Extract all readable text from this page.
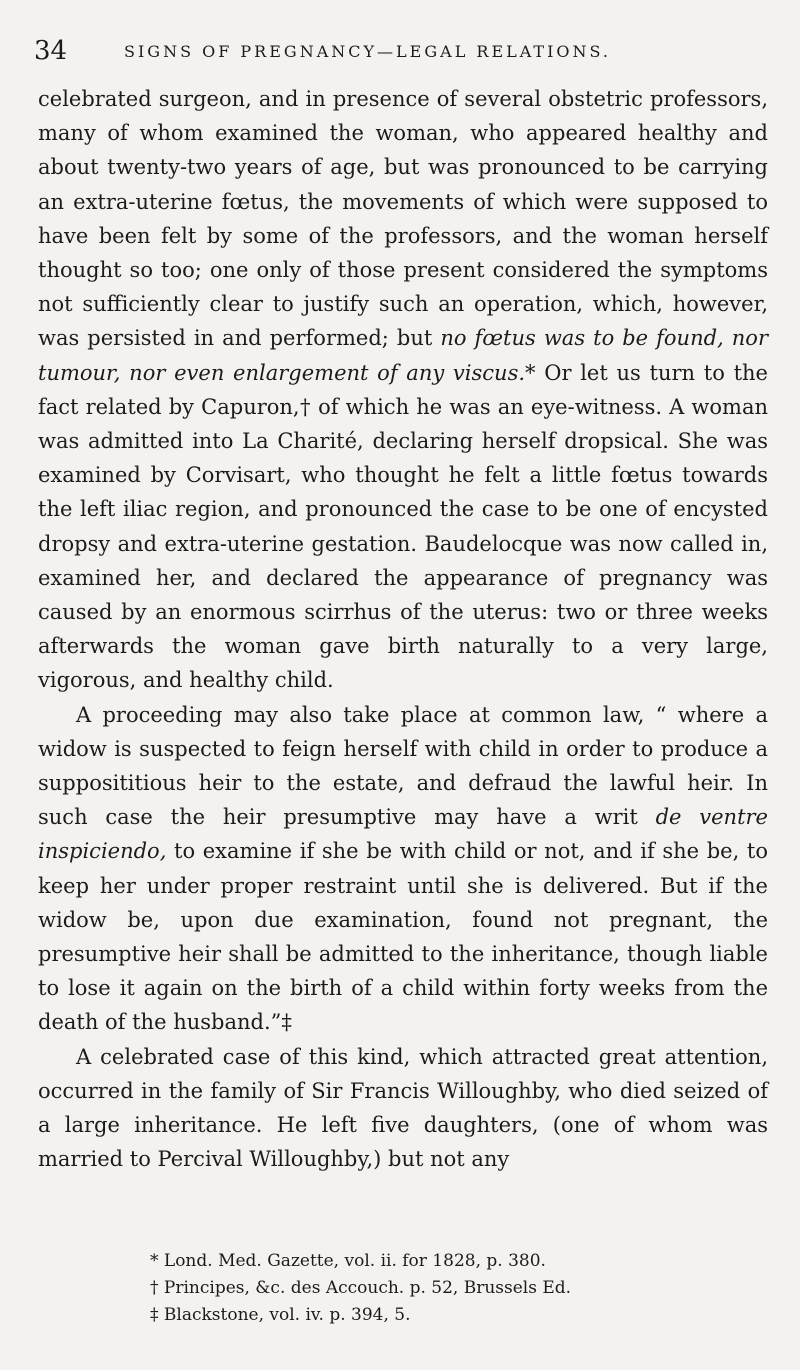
34	SIGNS OF PREGNANCY—LEGAL RELATIONS.

celebrated surgeon, and in presence of several obstetric professors, many of whom examined the woman, who appeared healthy and about twenty-two years of age, but was pronounced to be carrying an extra-uterine fœtus, the movements of which were supposed to have been felt by some of the professors, and the woman herself thought so too; one only of those present considered the symptoms not sufficiently clear to justify such an operation, which, however, was persisted in and performed; but no fœtus was to be found, nor tumour, nor even enlargement of any viscus.* Or let us turn to the fact related by Capuron,† of which he was an eye-witness. A woman was admitted into La Charité, declaring herself dropsical. She was examined by Corvisart, who thought he felt a little fœtus towards the left iliac region, and pronounced the case to be one of encysted dropsy and extra-uterine gestation. Baudelocque was now called in, examined her, and declared the appearance of pregnancy was caused by an enormous scirrhus of the uterus: two or three weeks afterwards the woman gave birth naturally to a very large, vigorous, and healthy child.

A proceeding may also take place at common law, “ where a widow is suspected to feign herself with child in order to produce a supposititious heir to the estate, and defraud the lawful heir. In such case the heir presumptive may have a writ de ventre inspiciendo, to examine if she be with child or not, and if she be, to keep her under proper restraint until she is delivered. But if the widow be, upon due examination, found not pregnant, the presumptive heir shall be admitted to the inheritance, though liable to lose it again on the birth of a child within forty weeks from the death of the husband.”‡

A celebrated case of this kind, which attracted great attention, occurred in the family of Sir Francis Willoughby, who died seized of a large inheritance. He left five daughters, (one of whom was married to Percival Willoughby,) but not any

* Lond. Med. Gazette, vol. ii. for 1828, p. 380.

† Principes, &c. des Accouch. p. 52, Brussels Ed.

‡ Blackstone, vol. iv. p. 394, 5.
